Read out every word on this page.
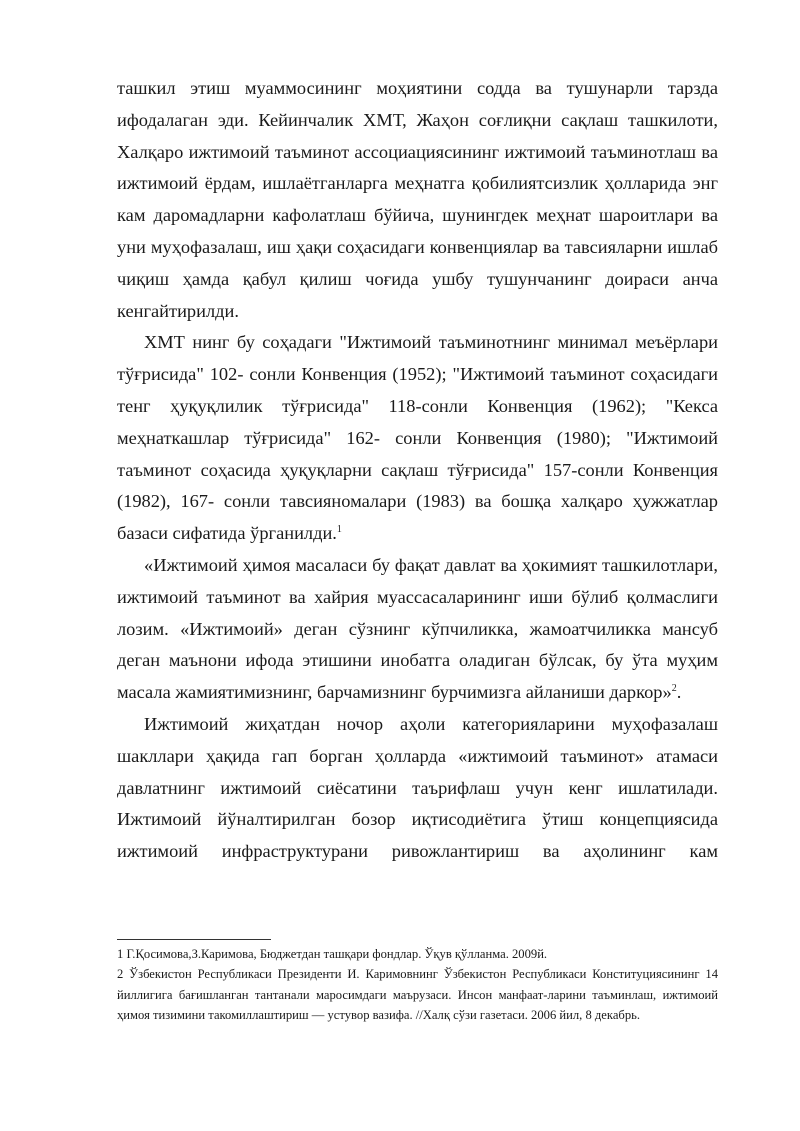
ташкил этиш муаммосининг моҳиятини содда ва тушунарли тарзда ифодалаган эди. Кейинчалик ХМТ, Жаҳон соғлиқни сақлаш ташкилоти, Халқаро ижтимоий таъминот ассоциациясининг ижтимоий таъминотлаш ва ижтимоий ёрдам, ишлаётганларга меҳнатга қобилиятсизлик ҳолларида энг кам даромадларни кафолатлаш бўйича, шунингдек меҳнат шароитлари ва уни муҳофазалаш, иш ҳақи соҳасидаги конвенциялар ва тавсияларни ишлаб чиқиш ҳамда қабул қилиш чоғида ушбу тушунчанинг доираси анча кенгайтирилди.

ХМТ нинг бу соҳадаги "Ижтимоий таъминотнинг минимал меъёрлари тўғрисида" 102- сонли Конвенция (1952); "Ижтимоий таъминот соҳасидаги тенг ҳуқуқлилик тўғрисида" 118-сонли Конвенция (1962); "Кекса меҳнаткашлар тўғрисида" 162- сонли Конвенция (1980); "Ижтимоий таъминот соҳасида ҳуқуқларни сақлаш тўғрисида" 157-сонли Конвенция (1982), 167- сонли тавсияномалари (1983) ва бошқа халқаро ҳужжатлар базаси сифатида ўрганилди.$^1$

«Ижтимоий ҳимоя масаласи бу фақат давлат ва ҳокимият ташкилотлари, ижтимоий таъминот ва хайрия муассасаларининг иши бўлиб қолмаслиги лозим. «Ижтимоий» деган сўзнинг кўпчиликка, жамоатчиликка мансуб деган маънони ифода этишини инобатга оладиган бўлсак, бу ўта муҳим масала жамиятимизнинг, барчамизнинг бурчимизга айланиши даркор»$^2$.

Ижтимоий жиҳатдан ночор аҳоли категорияларини муҳофазалаш шакллари ҳақида гап борган ҳолларда «ижтимоий таъминот» атамаси давлатнинг ижтимоий сиёсатини таърифлаш учун кенг ишлатилади. Ижтимоий йўналтирилган бозор иқтисодиётига ўтиш концепциясида ижтимоий инфраструктурани ривожлантириш ва аҳолининг кам

1 Г.Қосимова,З.Каримова, Бюджетдан ташқари фондлар. Ўқув қўлланма. 2009й.

2 Ўзбекистон Республикаси Президенти И. Каримовнинг Ўзбекистон Республикаси Конституциясининг 14 йиллигига бағишланган тантанали маросимдаги маърузаси. Инсон манфаат-ларини таъминлаш, ижтимоий ҳимоя тизимини такомиллаштириш — устувор вазифа. //Халқ сўзи газетаси. 2006 йил, 8 декабрь.
